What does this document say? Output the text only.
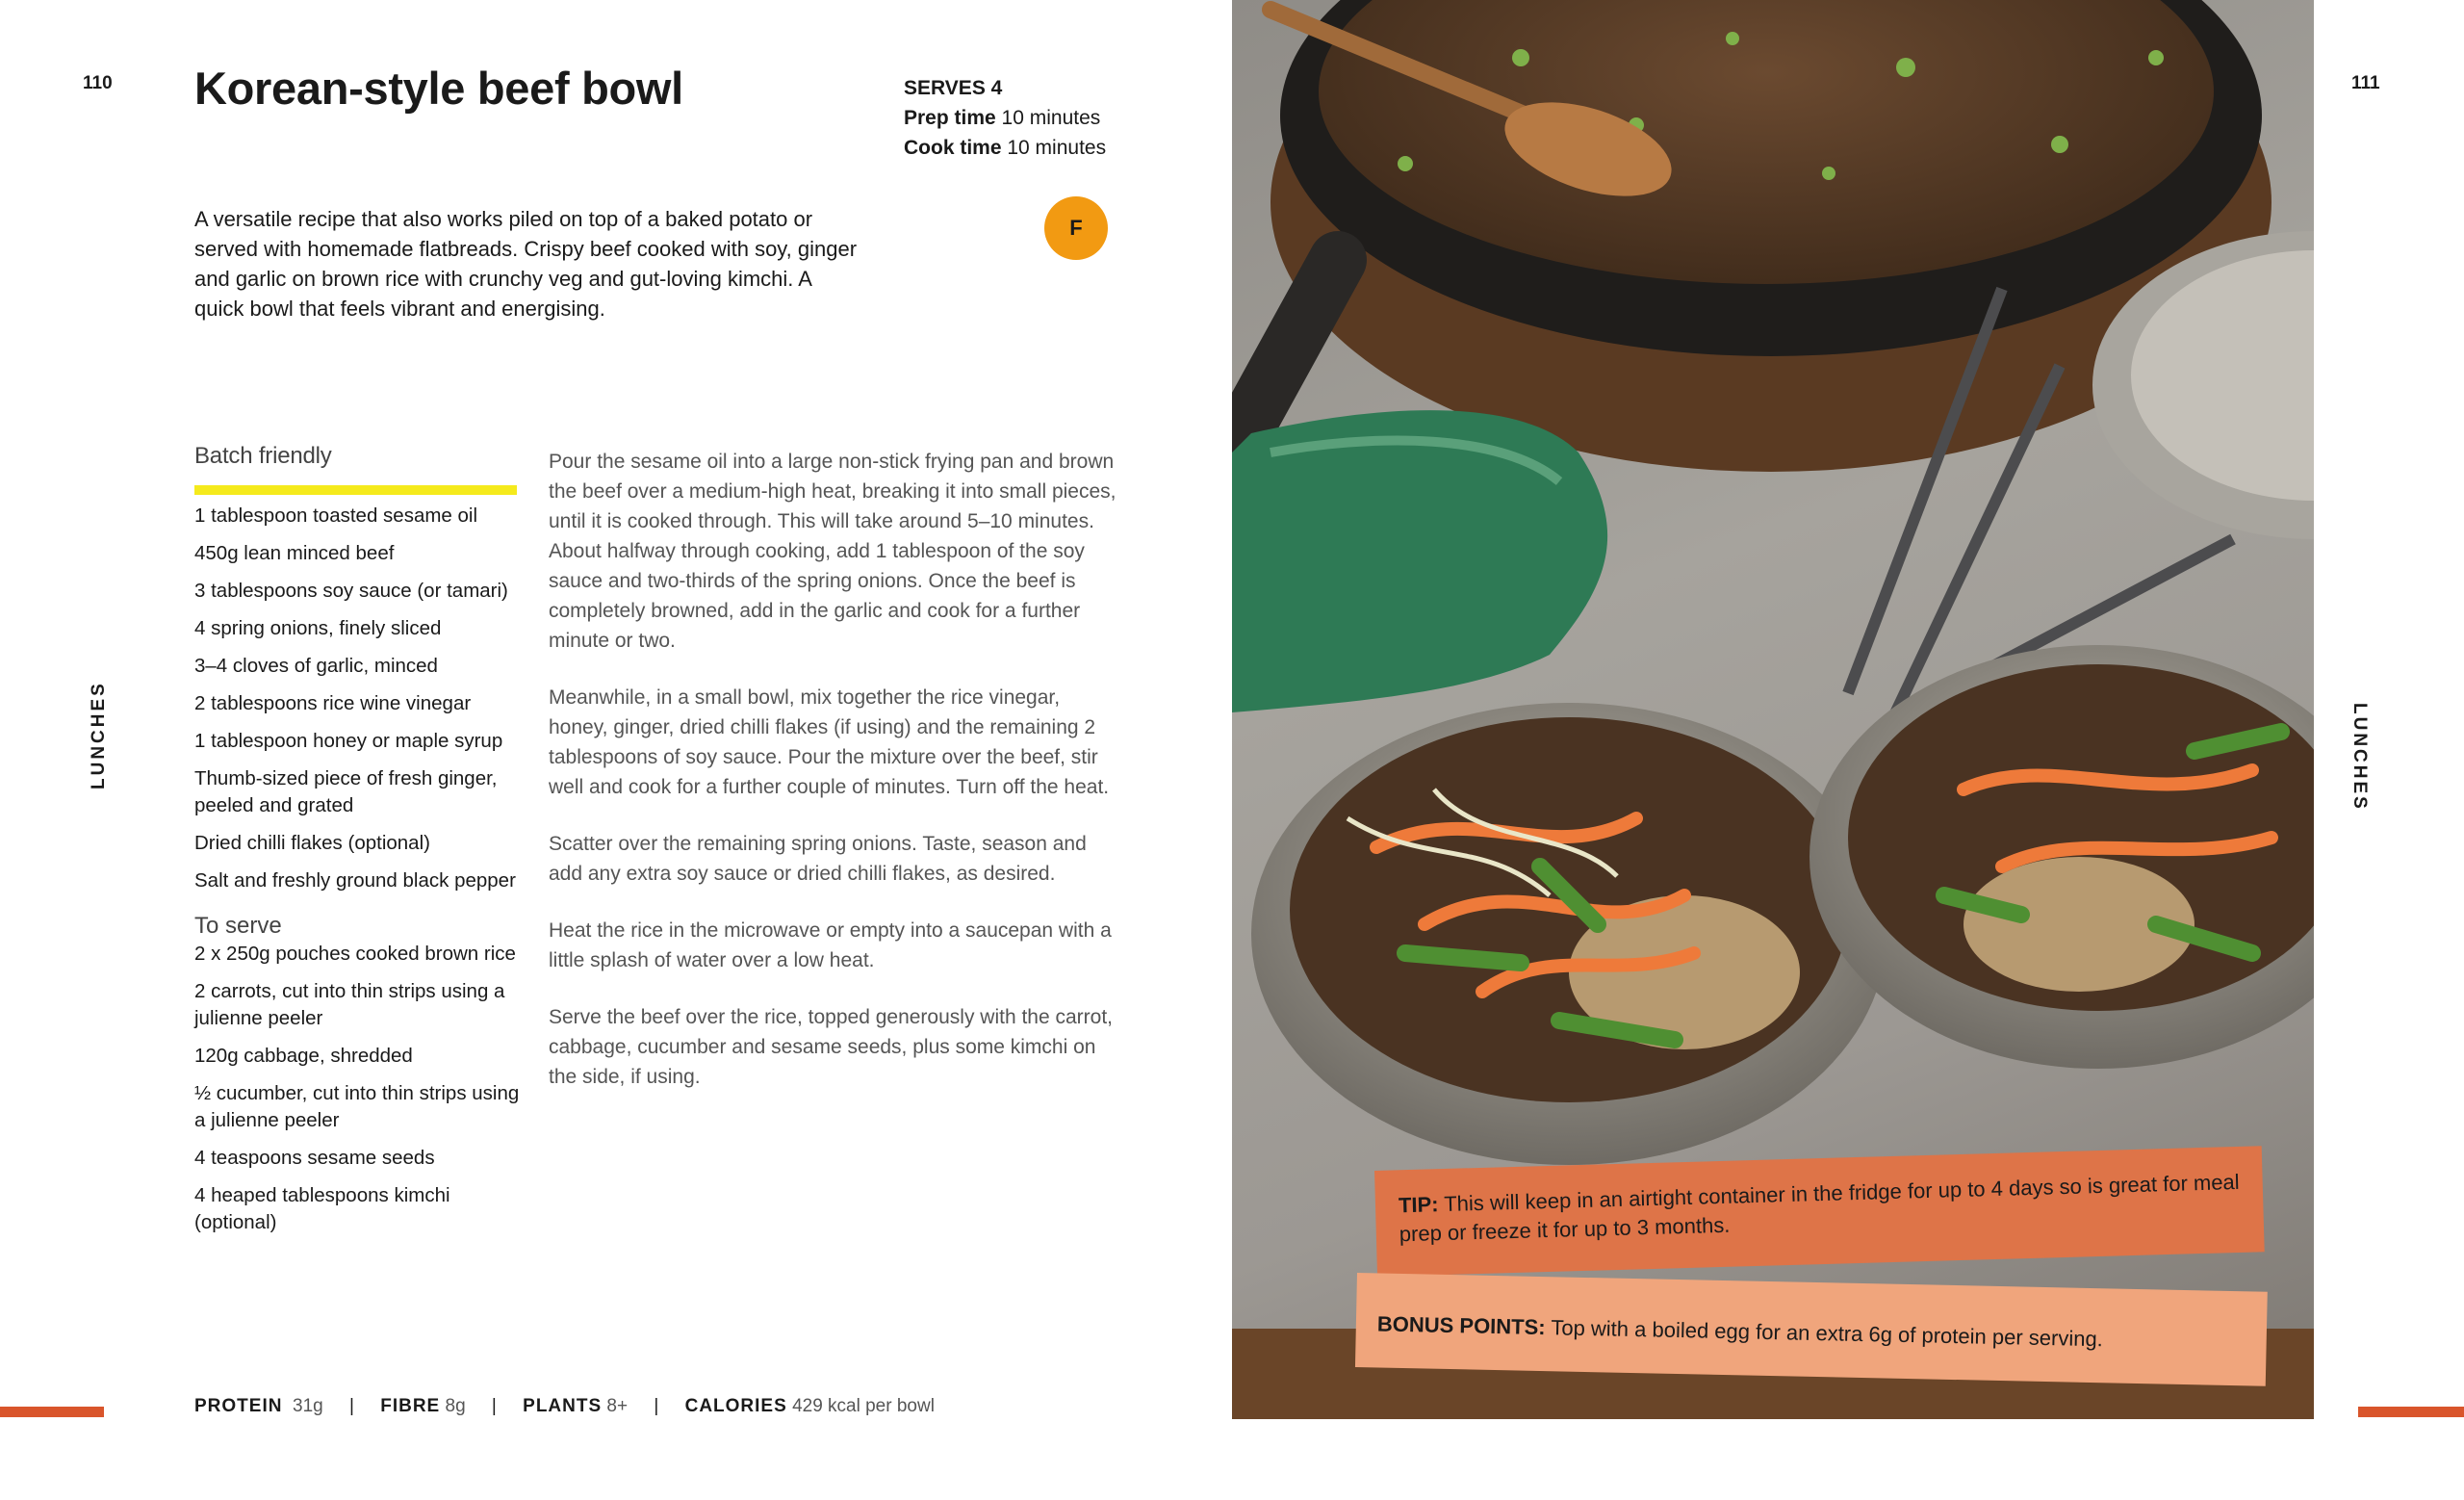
110
LUNCHES
Korean-style beef bowl	SERVES 4
Prep time 10 minutes
Cook time 10 minutes
F

A versatile recipe that also works piled on top of a baked potato or served with homemade flatbreads. Crispy beef cooked with soy, ginger and garlic on brown rice with crunchy veg and gut-loving kimchi. A quick bowl that feels vibrant and energising.

Batch friendly
1 tablespoon toasted sesame oil
450g lean minced beef
3 tablespoons soy sauce (or tamari)
4 spring onions, finely sliced
3–4 cloves of garlic, minced
2 tablespoons rice wine vinegar
1 tablespoon honey or maple syrup
Thumb-sized piece of fresh ginger, peeled and grated
Dried chilli flakes (optional)
Salt and freshly ground black pepper
To serve
2 x 250g pouches cooked brown rice
2 carrots, cut into thin strips using a julienne peeler
120g cabbage, shredded
½ cucumber, cut into thin strips using a julienne peeler
4 teaspoons sesame seeds
4 heaped tablespoons kimchi (optional)

Pour the sesame oil into a large non-stick frying pan and brown the beef over a medium-high heat, breaking it into small pieces, until it is cooked through. This will take around 5–10 minutes. About halfway through cooking, add 1 tablespoon of the soy sauce and two-thirds of the spring onions. Once the beef is completely browned, add in the garlic and cook for a further minute or two.

Meanwhile, in a small bowl, mix together the rice vinegar, honey, ginger, dried chilli flakes (if using) and the remaining 2 tablespoons of soy sauce. Pour the mixture over the beef, stir well and cook for a further couple of minutes. Turn off the heat.

Scatter over the remaining spring onions. Taste, season and add any extra soy sauce or dried chilli flakes, as desired.

Heat the rice in the microwave or empty into a saucepan with a little splash of water over a low heat.

Serve the beef over the rice, topped generously with the carrot, cabbage, cucumber and sesame seeds, plus some kimchi on the side, if using.

PROTEIN 31g | FIBRE 8g | PLANTS 8+ | CALORIES 429 kcal per bowl
TIP: This will keep in an airtight container in the fridge for up to 4 days so is great for meal prep or freeze it for up to 3 months.
BONUS POINTS: Top with a boiled egg for an extra 6g of protein per serving.
111
LUNCHES
